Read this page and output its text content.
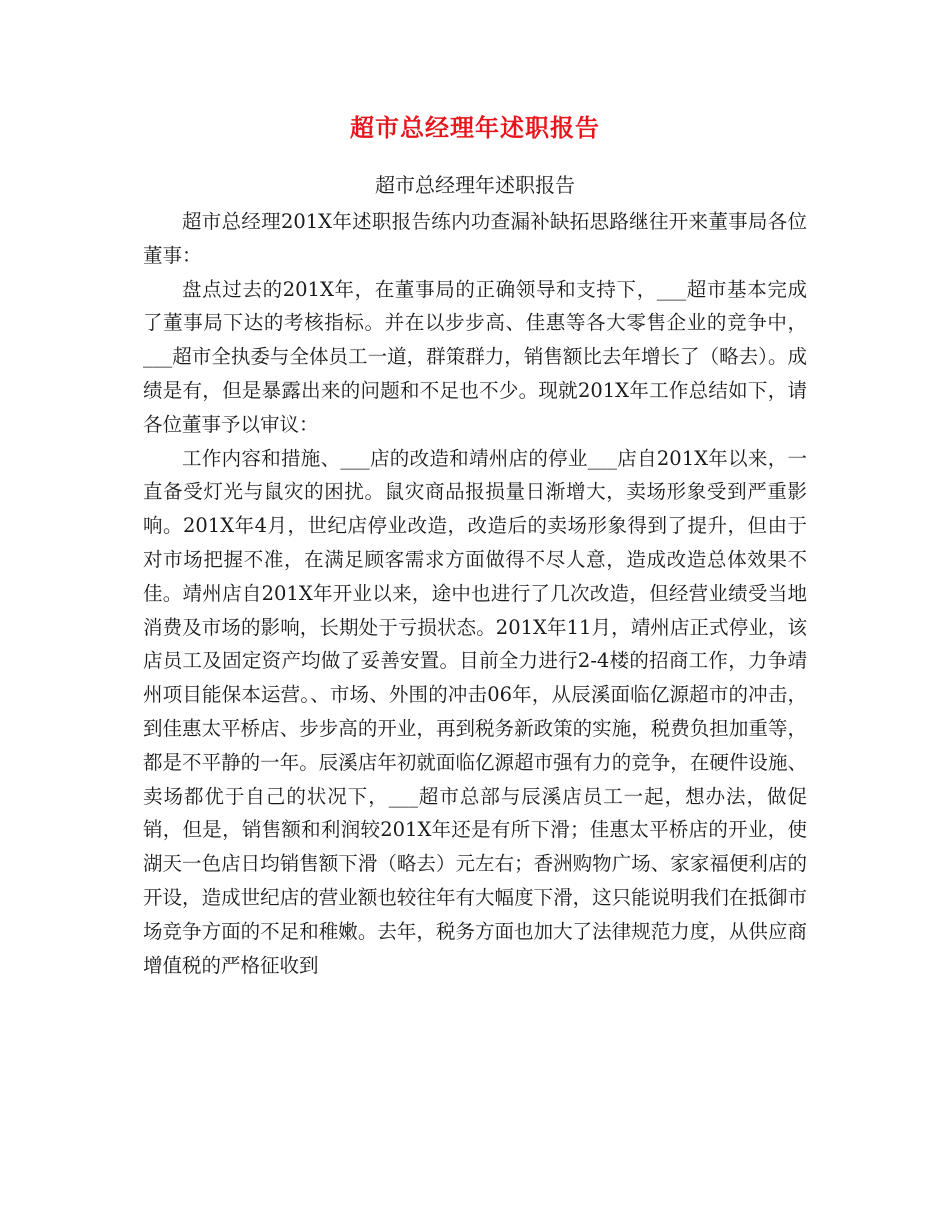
超市总经理年述职报告
超市总经理年述职报告

超市总经理201X年述职报告练内功查漏补缺拓思路继往开来董事局各位董事：

盘点过去的201X年，在董事局的正确领导和支持下，___超市基本完成了董事局下达的考核指标。并在以步步高、佳惠等各大零售企业的竞争中，___超市全执委与全体员工一道，群策群力，销售额比去年增长了（略去）。成绩是有，但是暴露出来的问题和不足也不少。现就201X年工作总结如下，请各位董事予以审议：

工作内容和措施、___店的改造和靖州店的停业___店自201X年以来，一直备受灯光与鼠灾的困扰。鼠灾商品报损量日渐增大，卖场形象受到严重影响。201X年4月，世纪店停业改造，改造后的卖场形象得到了提升，但由于对市场把握不准，在满足顾客需求方面做得不尽人意，造成改造总体效果不佳。靖州店自201X年开业以来，途中也进行了几次改造，但经营业绩受当地消费及市场的影响，长期处于亏损状态。201X年11月，靖州店正式停业，该店员工及固定资产均做了妥善安置。目前全力进行2-4楼的招商工作，力争靖州项目能保本运营。、市场、外围的冲击06年，从辰溪面临亿源超市的冲击，到佳惠太平桥店、步步高的开业，再到税务新政策的实施，税费负担加重等，都是不平静的一年。辰溪店年初就面临亿源超市强有力的竞争，在硬件设施、卖场都优于自己的状况下，___超市总部与辰溪店员工一起，想办法，做促销，但是，销售额和利润较201X年还是有所下滑；佳惠太平桥店的开业，使湖天一色店日均销售额下滑（略去）元左右；香洲购物广场、家家福便利店的开设，造成世纪店的营业额也较往年有大幅度下滑，这只能说明我们在抵御市场竞争方面的不足和稚嫩。去年，税务方面也加大了法律规范力度，从供应商增值税的严格征收到
